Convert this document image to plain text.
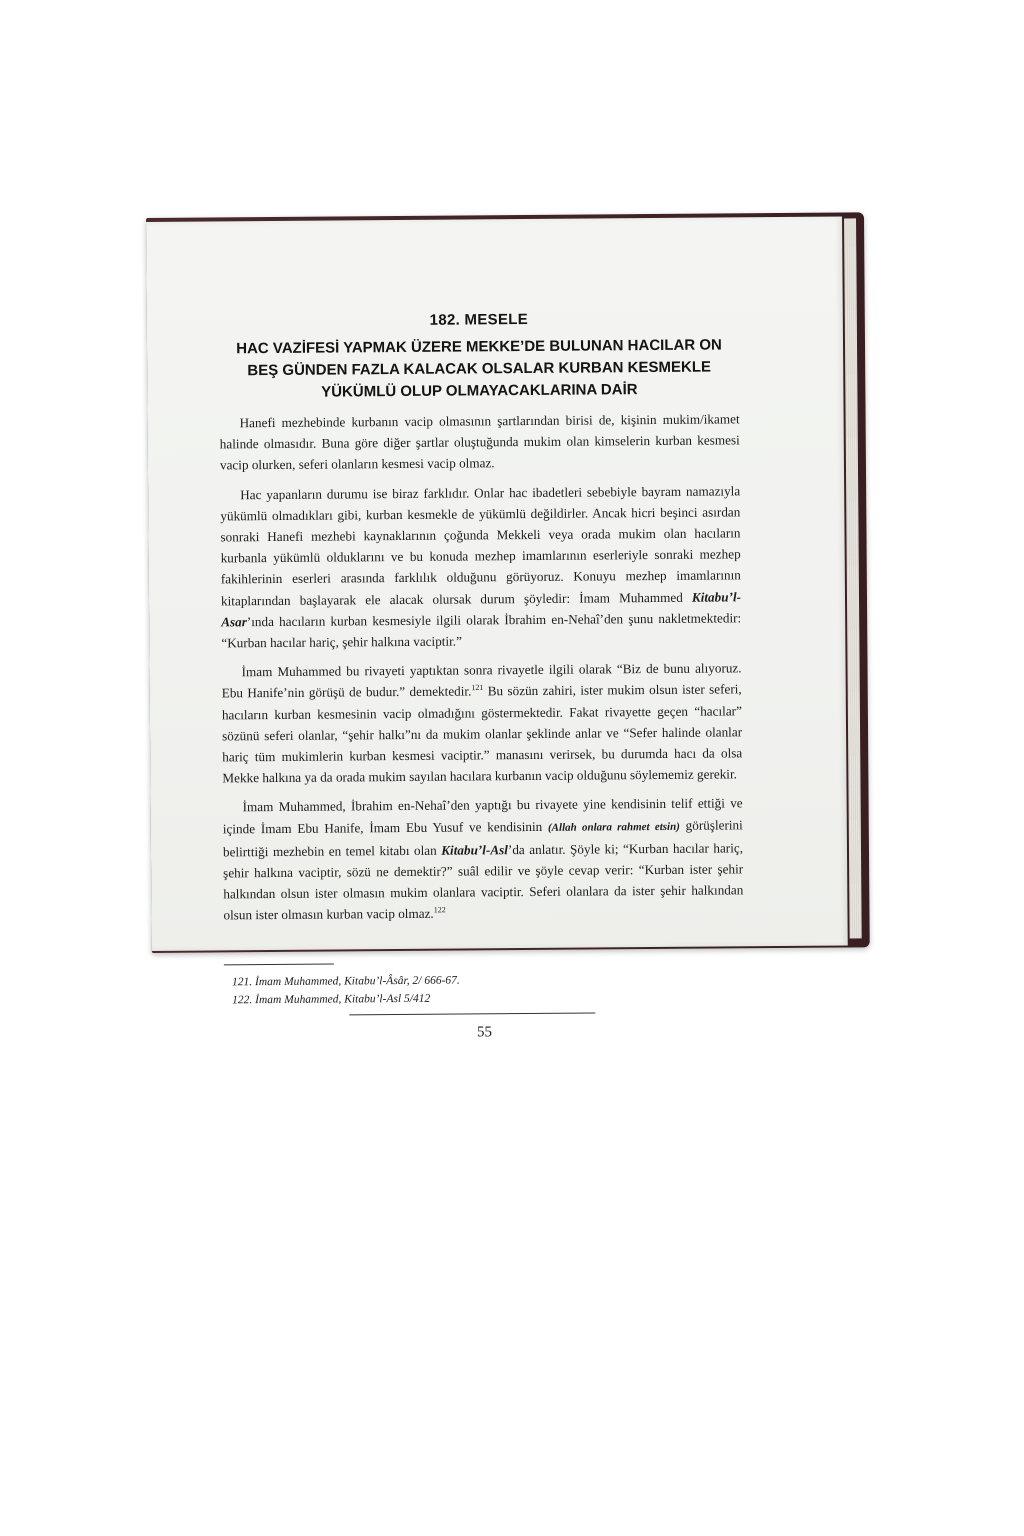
182. MESELE
HAC VAZİFESİ YAPMAK ÜZERE MEKKE’DE BULUNAN HACILAR ON BEŞ GÜNDEN FAZLA KALACAK OLSALAR KURBAN KESMEKLE YÜKÜMLÜ OLUP OLMAYACAKLARINA DAİR

Hanefi mezhebinde kurbanın vacip olmasının şartlarından birisi de, kişinin mukim/ikamet halinde olmasıdır. Buna göre diğer şartlar oluştuğunda mukim olan kimselerin kurban kesmesi vacip olurken, seferi olanların kesmesi vacip olmaz.

Hac yapanların durumu ise biraz farklıdır. Onlar hac ibadetleri sebebiyle bayram namazıyla yükümlü olmadıkları gibi, kurban kesmekle de yükümlü değildirler. Ancak hicri beşinci asırdan sonraki Hanefi mezhebi kaynaklarının çoğunda Mekkeli veya orada mukim olan hacıların kurbanla yükümlü olduklarını ve bu konuda mezhep imamlarının eserleriyle sonraki mezhep fakihlerinin eserleri arasında farklılık olduğunu görüyoruz. Konuyu mezhep imamlarının kitaplarından başlayarak ele alacak olursak durum şöyledir: İmam Muhammed Kitabu’l-Asar’ında hacıların kurban kesmesiyle ilgili olarak İbrahim en-Nehaî’den şunu nakletmektedir: “Kurban hacılar hariç, şehir halkına vaciptir.”

İmam Muhammed bu rivayeti yaptıktan sonra rivayetle ilgili olarak “Biz de bunu alıyoruz. Ebu Hanife’nin görüşü de budur.” demektedir.$^{121}$ Bu sözün zahiri, ister mukim olsun ister seferi, hacıların kurban kesmesinin vacip olmadığını göstermektedir. Fakat rivayette geçen “hacılar” sözünü seferi olanlar, “şehir halkı”nı da mukim olanlar şeklinde anlar ve “Sefer halinde olanlar hariç tüm mukimlerin kurban kesmesi vaciptir.” manasını verirsek, bu durumda hacı da olsa Mekke halkına ya da orada mukim sayılan hacılara kurbanın vacip olduğunu söylememiz gerekir.

İmam Muhammed, İbrahim en-Nehaî’den yaptığı bu rivayete yine kendisinin telif ettiği ve içinde İmam Ebu Hanife, İmam Ebu Yusuf ve kendisinin (Allah onlara rahmet etsin) görüşlerini belirttiği mezhebin en temel kitabı olan Kitabu’l-Asl’da anlatır. Şöyle ki; “Kurban hacılar hariç, şehir halkına vaciptir, sözü ne demektir?” suâl edilir ve şöyle cevap verir: “Kurban ister şehir halkından olsun ister olmasın mukim olanlara vaciptir. Seferi olanlara da ister şehir halkından olsun ister olmasın kurban vacip olmaz.$^{122}$

121. İmam Muhammed, Kitabu’l-Âsâr, 2/ 666-67.
122. İmam Muhammed, Kitabu’l-Asl 5/412
55
